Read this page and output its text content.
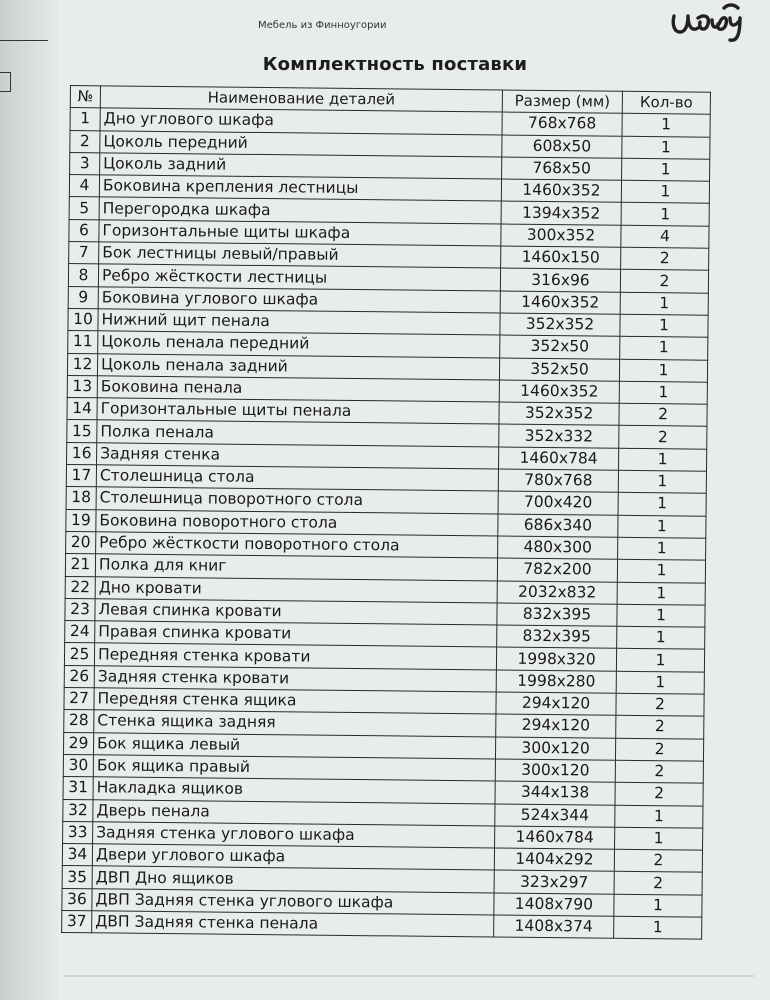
Мебель из Финноугории
Комплектность поставки
№	Наименование деталей	Размер (мм)	Кол-во
1	Дно углового шкафа	768х768	1
2	Цоколь передний	608х50	1
3	Цоколь задний	768х50	1
4	Боковина крепления лестницы	1460х352	1
5	Перегородка шкафа	1394х352	1
6	Горизонтальные щиты шкафа	300х352	4
7	Бок лестницы левый/правый	1460х150	2
8	Ребро жёсткости лестницы	316х96	2
9	Боковина углового шкафа	1460х352	1
10	Нижний щит пенала	352х352	1
11	Цоколь пенала передний	352х50	1
12	Цоколь пенала задний	352х50	1
13	Боковина пенала	1460х352	1
14	Горизонтальные щиты пенала	352х352	2
15	Полка пенала	352х332	2
16	Задняя стенка	1460х784	1
17	Столешница стола	780х768	1
18	Столешница поворотного стола	700х420	1
19	Боковина поворотного стола	686х340	1
20	Ребро жёсткости поворотного стола	480х300	1
21	Полка для книг	782х200	1
22	Дно кровати	2032х832	1
23	Левая спинка кровати	832х395	1
24	Правая спинка кровати	832х395	1
25	Передняя стенка кровати	1998х320	1
26	Задняя стенка кровати	1998х280	1
27	Передняя стенка ящика	294х120	2
28	Стенка ящика задняя	294х120	2
29	Бок ящика левый	300х120	2
30	Бок ящика правый	300х120	2
31	Накладка ящиков	344х138	2
32	Дверь пенала	524х344	1
33	Задняя стенка углового шкафа	1460х784	1
34	Двери углового шкафа	1404х292	2
35	ДВП Дно ящиков	323х297	2
36	ДВП Задняя стенка углового шкафа	1408х790	1
37	ДВП Задняя стенка пенала	1408х374	1
